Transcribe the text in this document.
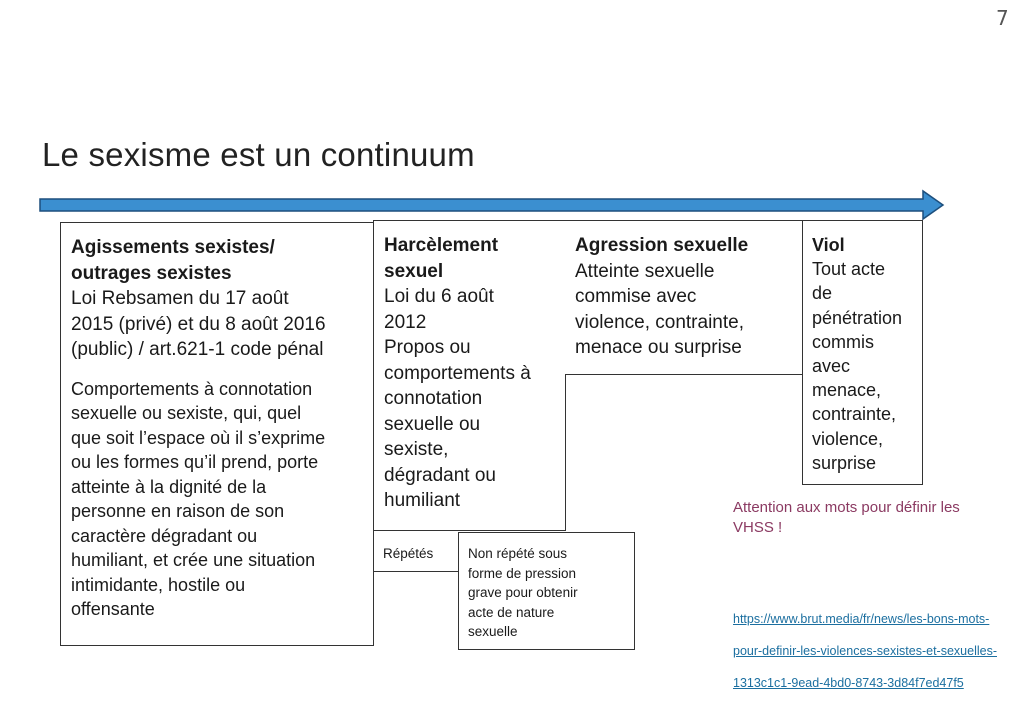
7
Le sexisme est un continuum
Agissements sexistes/
outrages sexistes
Loi Rebsamen du 17 août
2015 (privé) et du 8 août 2016
(public) / art.621-1 code pénal
Comportements à connotation
sexuelle ou sexiste, qui, quel
que soit l’espace où il s’exprime
ou les formes qu’il prend, porte
atteinte à la dignité de la
personne en raison de son
caractère dégradant ou
humiliant, et crée une situation
intimidante, hostile ou
offensante
Harcèlement
sexuel
Loi du 6 août
2012
Propos ou
comportements à
connotation
sexuelle ou
sexiste,
dégradant ou
humiliant
Répétés	Non répété sous
forme de pression
grave pour obtenir
acte de nature
sexuelle
Agression sexuelle
Atteinte sexuelle
commise avec
violence, contrainte,
menace ou surprise
Viol
Tout acte
de
pénétration
commis
avec
menace,
contrainte,
violence,
surprise
Attention aux mots pour définir les VHSS !

https://www.brut.media/fr/news/les-bons-mots-

pour-definir-les-violences-sexistes-et-sexuelles-

1313c1c1-9ead-4bd0-8743-3d84f7ed47f5
